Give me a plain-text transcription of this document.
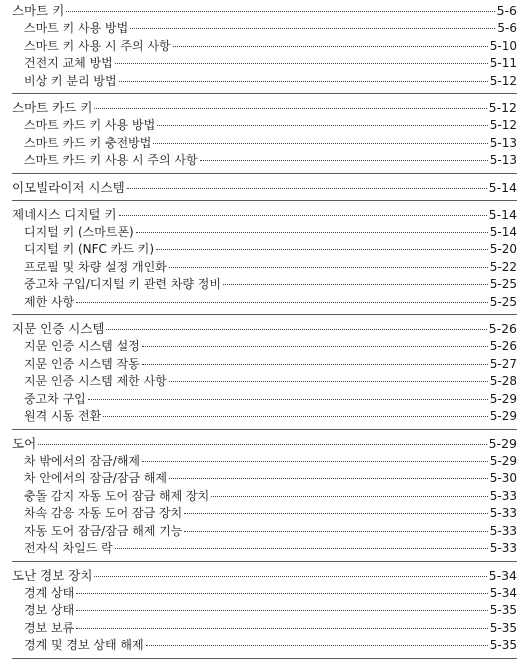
스마트 키	5-6
스마트 키 사용 방법	5-6
스마트 키 사용 시 주의 사항	5-10
건전지 교체 방법	5-11
비상 키 분리 방법	5-12
스마트 카드 키	5-12
스마트 카드 키 사용 방법	5-12
스마트 카드 키 충전방법	5-13
스마트 카드 키 사용 시 주의 사항	5-13
이모빌라이저 시스템	5-14
제네시스 디지털 키	5-14
디지털 키 (스마트폰)	5-14
디지털 키 (NFC 카드 키)	5-20
프로필 및 차량 설정 개인화	5-22
중고차 구입/디지털 키 관련 차량 정비	5-25
제한 사항	5-25
지문 인증 시스템	5-26
지문 인증 시스템 설정	5-26
지문 인증 시스템 작동	5-27
지문 인증 시스템 제한 사항	5-28
중고차 구입	5-29
원격 시동 전환	5-29
도어	5-29
차 밖에서의 잠금/해제	5-29
차 안에서의 잠금/잠금 해제	5-30
충돌 감지 자동 도어 잠금 해제 장치	5-33
차속 감응 자동 도어 잠금 장치	5-33
자동 도어 잠금/잠금 해제 기능	5-33
전자식 차일드 락	5-33
도난 경보 장치	5-34
경계 상태	5-34
경보 상태	5-35
경보 보류	5-35
경계 및 경보 상태 해제	5-35
